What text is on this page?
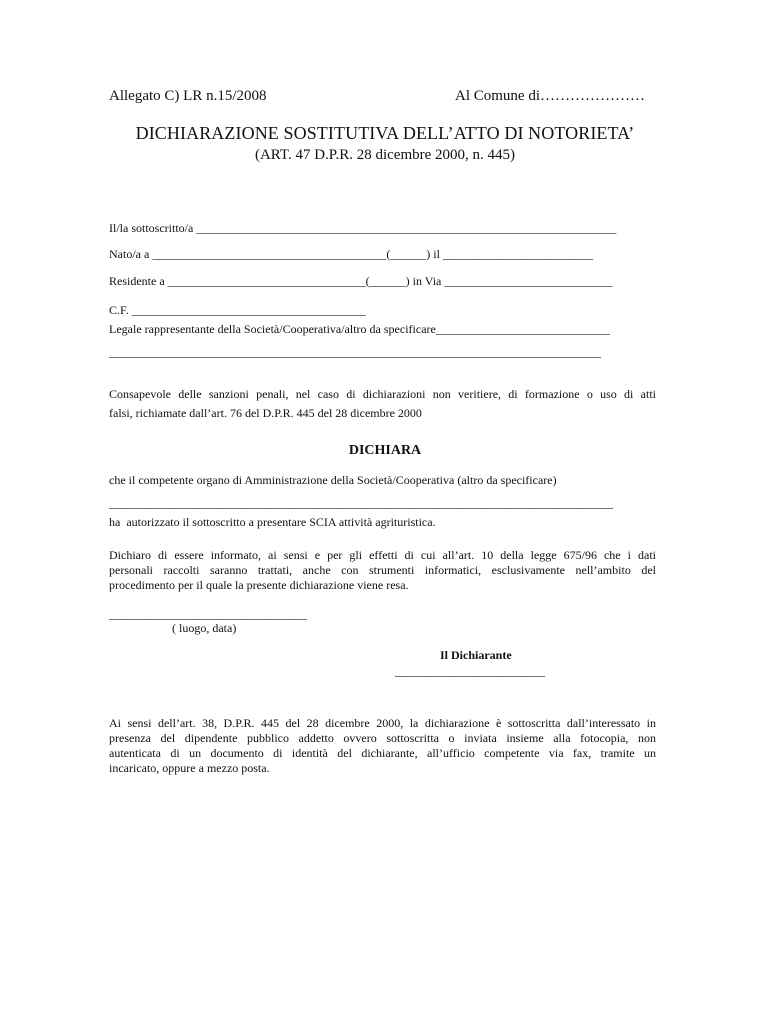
Allegato C) LR n.15/2008	Al Comune di…………………
DICHIARAZIONE SOSTITUTIVA DELL’ATTO DI NOTORIETA’
(ART. 47 D.P.R. 28 dicembre 2000, n. 445)
Il/la sottoscritto/a ______________________________________________________________________
Nato/a a _______________________________________(______) il _________________________
Residente a _________________________________(______) in Via ____________________________
C.F. _______________________________________
Legale rappresentante della Società/Cooperativa/altro da specificare_____________________________
__________________________________________________________________________________
Consapevole delle sanzioni penali, nel caso di dichiarazioni non veritiere, di formazione o uso di atti
falsi, richiamate dall’art. 76 del D.P.R. 445 del 28 dicembre 2000
DICHIARA
che il competente organo di Amministrazione della Società/Cooperativa (altro da specificare)
____________________________________________________________________________________
ha  autorizzato il sottoscritto a presentare SCIA attività agrituristica.
Dichiaro di essere informato, ai sensi e per gli effetti di cui all’art. 10 della legge 675/96 che i dati
personali raccolti saranno trattati, anche con strumenti informatici, esclusivamente nell’ambito del
procedimento per il quale la presente dichiarazione viene resa.
_________________________________
( luogo, data)
Il Dichiarante
_________________________
Ai sensi dell’art. 38, D.P.R. 445 del 28 dicembre 2000, la dichiarazione è sottoscritta dall’interessato in
presenza del dipendente pubblico addetto ovvero sottoscritta o inviata insieme alla fotocopia, non
autenticata di un documento di identità del dichiarante, all’ufficio competente via fax, tramite un
incaricato, oppure a mezzo posta.
